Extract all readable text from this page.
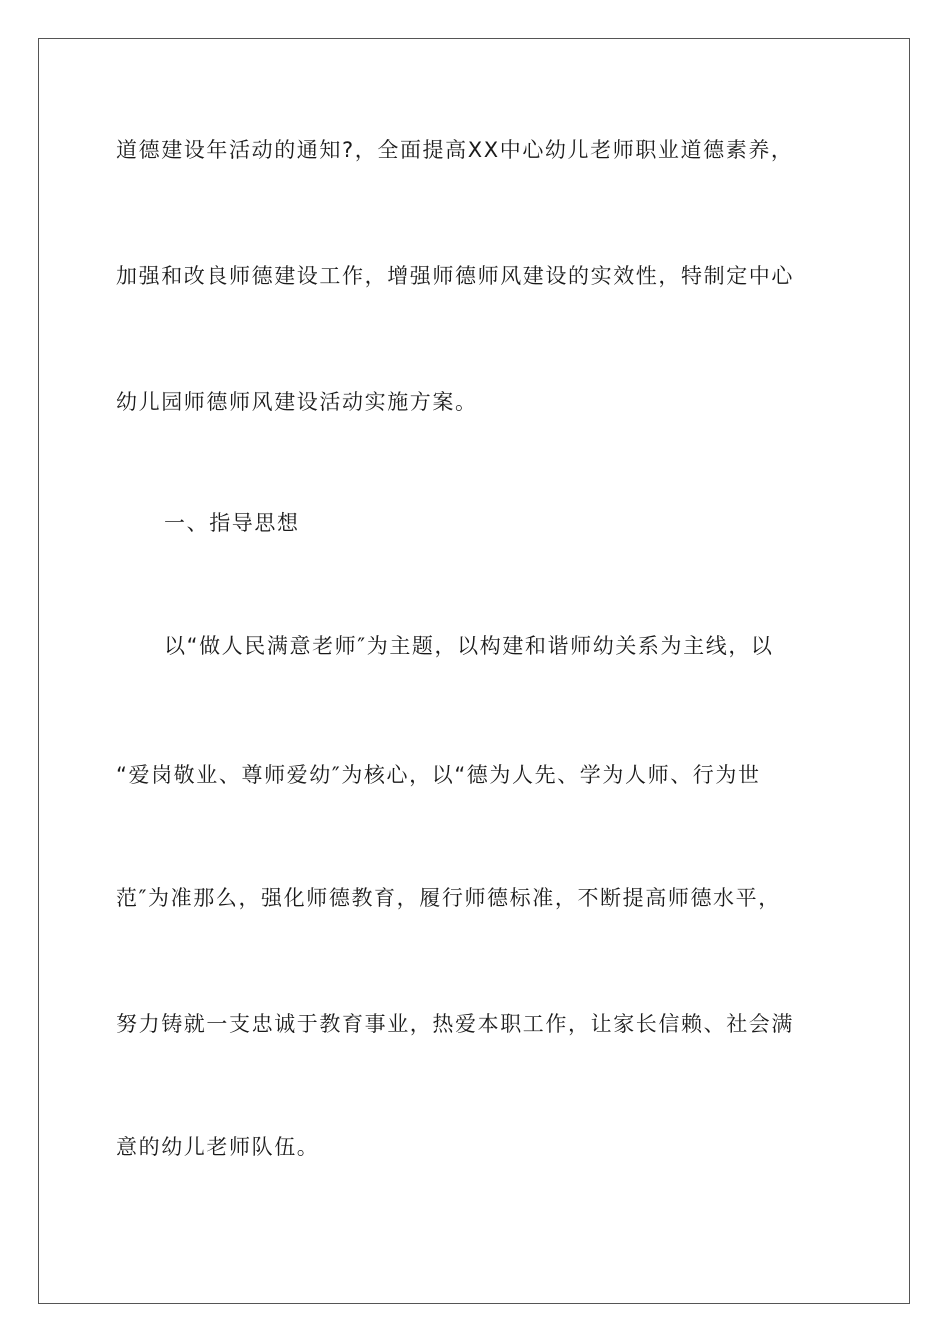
道德建设年活动的通知?，全面提高XX中心幼儿老师职业道德素养，
加强和改良师德建设工作，增强师德师风建设的实效性，特制定中心
幼儿园师德师风建设活动实施方案。
一、指导思想
以“做人民满意老师″为主题，以构建和谐师幼关系为主线，以
“爱岗敬业、尊师爱幼″为核心，以“德为人先、学为人师、行为世
范″为准那么，强化师德教育，履行师德标准，不断提高师德水平，
努力铸就一支忠诚于教育事业，热爱本职工作，让家长信赖、社会满
意的幼儿老师队伍。
